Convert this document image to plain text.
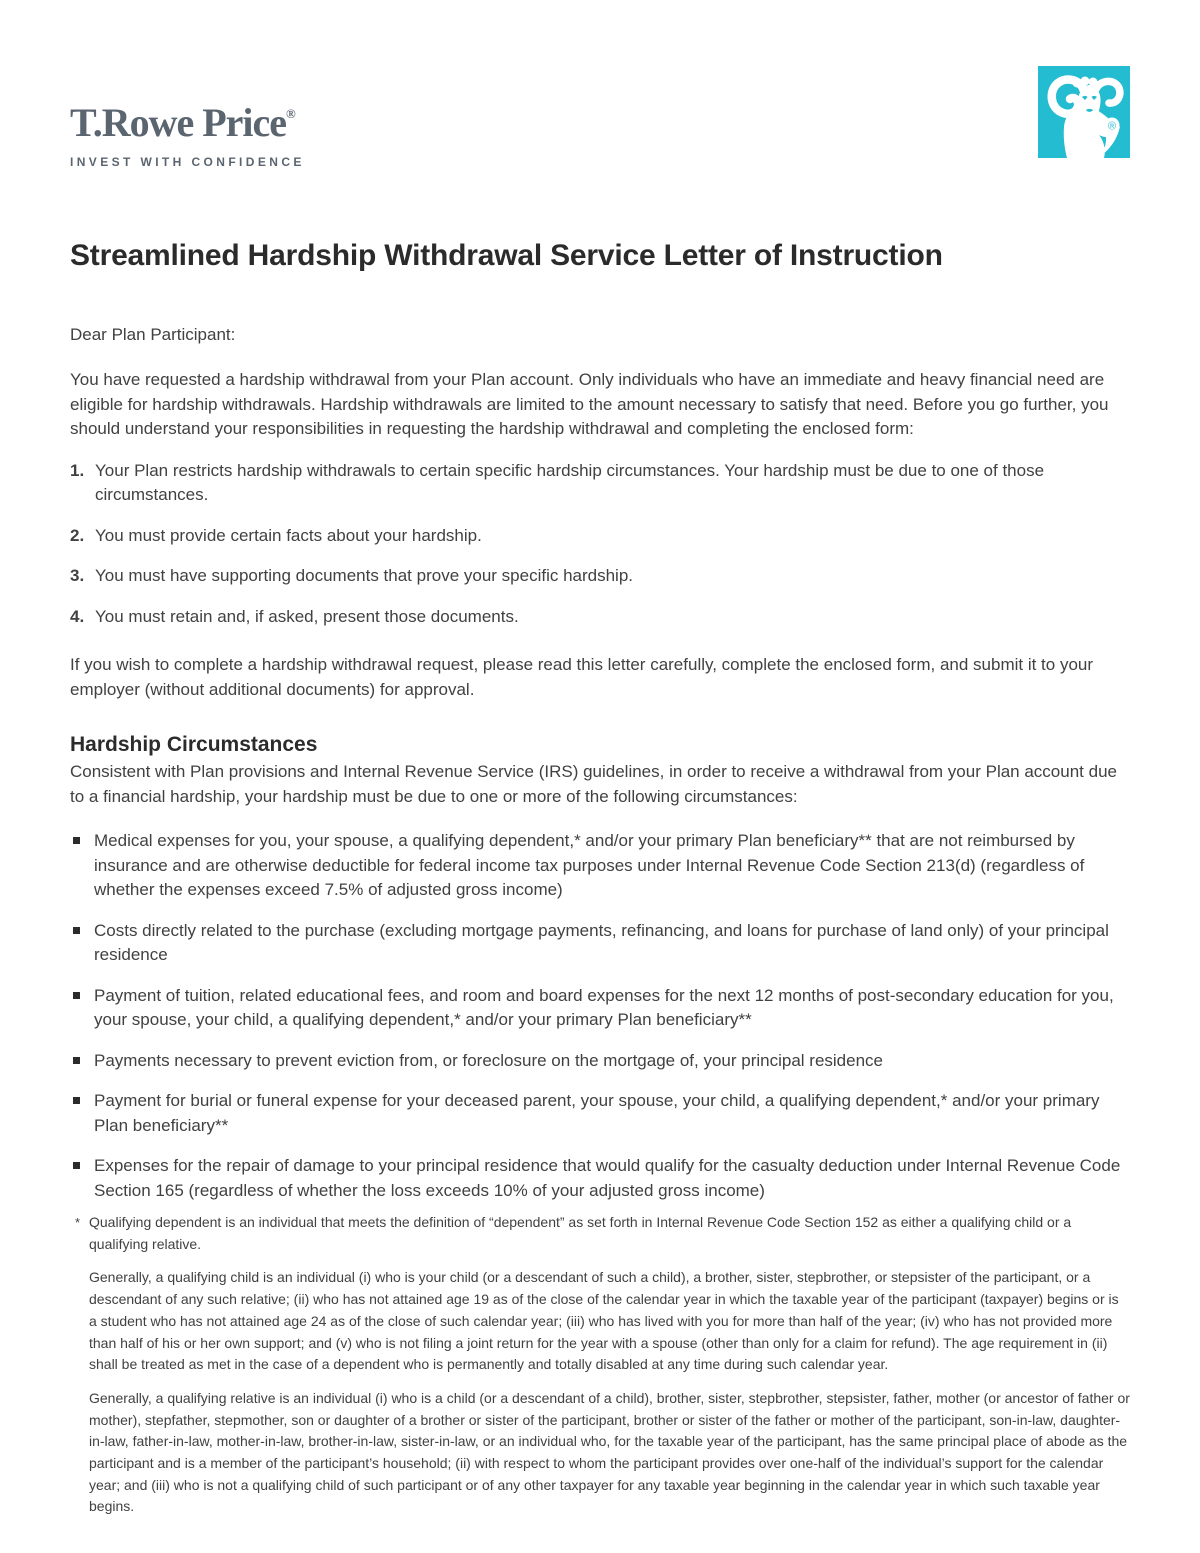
T.Rowe Price®
INVEST WITH CONFIDENCE
®
Streamlined Hardship Withdrawal Service Letter of Instruction

Dear Plan Participant:

You have requested a hardship withdrawal from your Plan account. Only individuals who have an immediate and heavy financial need are eligible for hardship withdrawals. Hardship withdrawals are limited to the amount necessary to satisfy that need. Before you go further, you should understand your responsibilities in requesting the hardship withdrawal and completing the enclosed form:

1. Your Plan restricts hardship withdrawals to certain specific hardship circumstances. Your hardship must be due to one of those circumstances.
2. You must provide certain facts about your hardship.
3. You must have supporting documents that prove your specific hardship.
4. You must retain and, if asked, present those documents.

If you wish to complete a hardship withdrawal request, please read this letter carefully, complete the enclosed form, and submit it to your employer (without additional documents) for approval.

Hardship Circumstances

Consistent with Plan provisions and Internal Revenue Service (IRS) guidelines, in order to receive a withdrawal from your Plan account due to a financial hardship, your hardship must be due to one or more of the following circumstances:

Medical expenses for you, your spouse, a qualifying dependent,* and/or your primary Plan beneficiary** that are not reimbursed by insurance and are otherwise deductible for federal income tax purposes under Internal Revenue Code Section 213(d) (regardless of whether the expenses exceed 7.5% of adjusted gross income)
Costs directly related to the purchase (excluding mortgage payments, refinancing, and loans for purchase of land only) of your principal residence
Payment of tuition, related educational fees, and room and board expenses for the next 12 months of post-secondary education for you, your spouse, your child, a qualifying dependent,* and/or your primary Plan beneficiary**
Payments necessary to prevent eviction from, or foreclosure on the mortgage of, your principal residence
Payment for burial or funeral expense for your deceased parent, your spouse, your child, a qualifying dependent,* and/or your primary Plan beneficiary**
Expenses for the repair of damage to your principal residence that would qualify for the casualty deduction under Internal Revenue Code Section 165 (regardless of whether the loss exceeds 10% of your adjusted gross income)

* Qualifying dependent is an individual that meets the definition of “dependent” as set forth in Internal Revenue Code Section 152 as either a qualifying child or a qualifying relative.

Generally, a qualifying child is an individual (i) who is your child (or a descendant of such a child), a brother, sister, stepbrother, or stepsister of the participant, or a descendant of any such relative; (ii) who has not attained age 19 as of the close of the calendar year in which the taxable year of the participant (taxpayer) begins or is a student who has not attained age 24 as of the close of such calendar year; (iii) who has lived with you for more than half of the year; (iv) who has not provided more than half of his or her own support; and (v) who is not filing a joint return for the year with a spouse (other than only for a claim for refund). The age requirement in (ii) shall be treated as met in the case of a dependent who is permanently and totally disabled at any time during such calendar year.

Generally, a qualifying relative is an individual (i) who is a child (or a descendant of a child), brother, sister, stepbrother, stepsister, father, mother (or ancestor of father or mother), stepfather, stepmother, son or daughter of a brother or sister of the participant, brother or sister of the father or mother of the participant, son-in-law, daughter-in-law, father-in-law, mother-in-law, brother-in-law, sister-in-law, or an individual who, for the taxable year of the participant, has the same principal place of abode as the participant and is a member of the participant’s household; (ii) with respect to whom the participant provides over one-half of the individual’s support for the calendar year; and (iii) who is not a qualifying child of such participant or of any other taxpayer for any taxable year beginning in the calendar year in which such taxable year begins.
